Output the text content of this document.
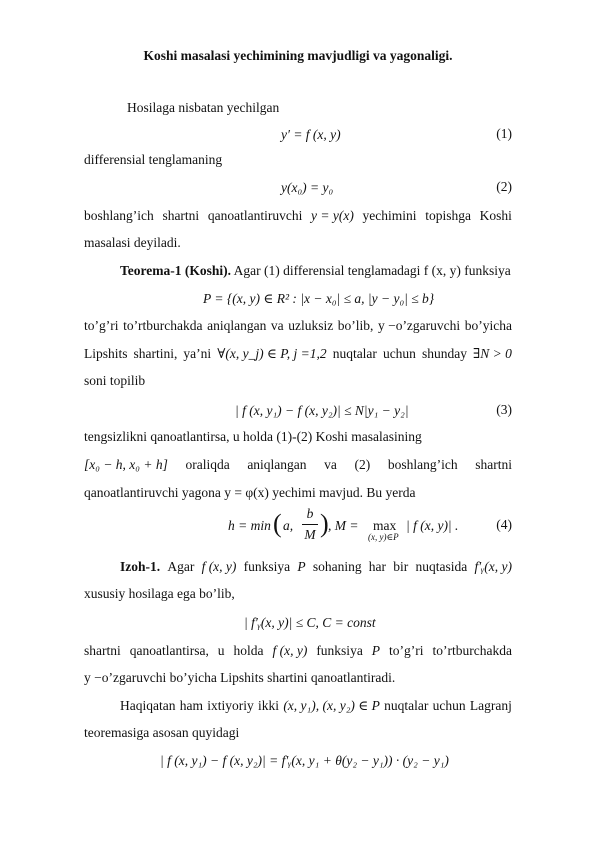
Koshi masalasi yechimining mavjudligi va yagonaligi.
Hosilaga nisbatan yechilgan
y′ = f (x, y)	(1)
differensial tenglamaning
y(x₀) = y₀	(2)
boshlang’ich shartni qanoatlantiruvchi y = y(x) yechimini topishga Koshi
masalasi deyiladi.
Teorema-1 (Koshi). Agar (1) differensial tenglamadagi f (x, y) funksiya
P = {(x, y) ∈ R² : |x − x₀| ≤ a, |y − y₀| ≤ b}
to’g’ri to’rtburchakda aniqlangan va uzluksiz bo’lib, y −o’zgaruvchi bo’yicha
Lipshits shartini, ya’ni ∀(x, y_j) ∈ P, j =1,2 nuqtalar uchun shunday ∃N > 0
soni topilib
| f (x, y₁) − f (x, y₂)| ≤ N|y₁ − y₂|	(3)
tengsizlikni qanoatlantirsa, u holda (1)-(2) Koshi masalasining
[x₀ − h, x₀ + h] oraliqda aniqlangan va (2) boshlang’ich shartni
qanoatlantiruvchi yagona y = φ(x) yechimi mavjud. Bu yerda
h = min ( a,
b
M ) , M = max
(x, y)∈P
| f (x, y)| .	(4)
Izoh-1. Agar f (x, y) funksiya P sohaning har bir nuqtasida f′ᵧ(x, y)
xususiy hosilaga ega bo’lib,
| f′ᵧ(x, y)| ≤ C, C = const
shartni qanoatlantirsa, u holda f (x, y) funksiya P to’g’ri to’rtburchakda
y −o’zgaruvchi bo’yicha Lipshits shartini qanoatlantiradi.
Haqiqatan ham ixtiyoriy ikki (x, y₁), (x, y₂) ∈ P nuqtalar uchun Lagranj
teoremasiga asosan quyidagi
| f (x, y₁) − f (x, y₂)| = f′ᵧ(x, y₁ + θ(y₂ − y₁)) · (y₂ − y₁)
